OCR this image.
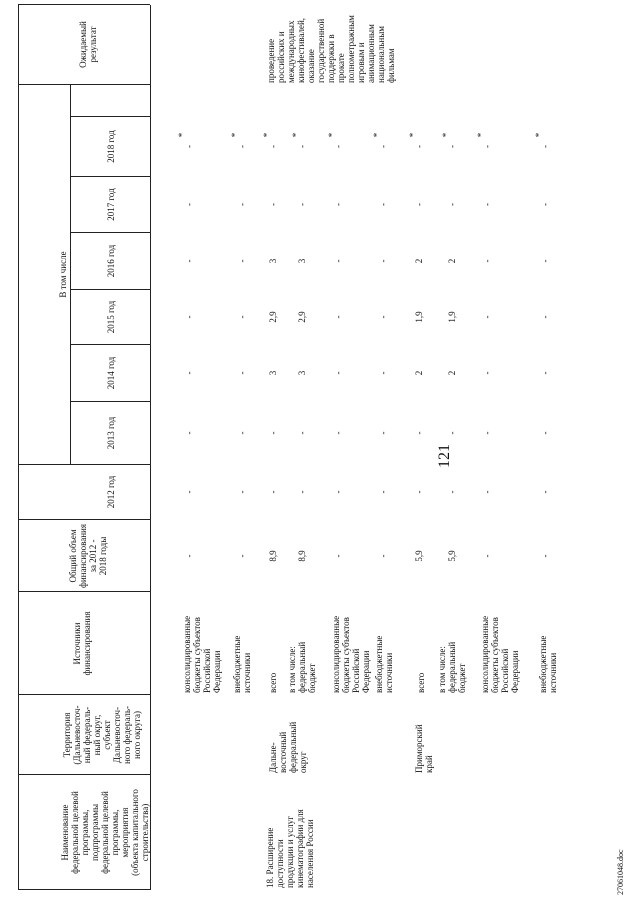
121
Наименование
федеральной целевой
программы,
подпрограммы
федеральной целевой
программы,
мероприятия
(объекта капитального
строительства)
Территория
(Дальневосточ-
ный федераль-
ный округ,
субъект
Дальневосточ-
ного федераль-
ного округа)
Источники
финансирования
Общий объем
финансирования
за 2012 -
2018 годы
2012 год
В том числе
2013 год
2014 год
2015 год
2016 год
2017 год
2018 год
Ожидаемый
результат
консолидированные
бюджеты субъектов
Российской
Федерации
-
-
-
-
-
-
-
-
*
внебюджетные
источники
-
-
-
-
-
-
-
-
*
18. Расширение
доступности
продукции и услуг
кинематографии для
населения России
проведение
российских и
международных
кинофестивалей,
оказание
государственной
поддержки в прокате
полнометражным
игровым и
анимационным
национальным
фильмам
Дальне-
восточный
федеральный
округ
всего
8,9
-
-
3
2,9
3
-
-
*
в том числе:
федеральный
бюджет
8,9
-
-
3
2,9
3
-
-
*
консолидированные
бюджеты субъектов
Российской
Федерации
-
-
-
-
-
-
-
-
*
внебюджетные
источники
-
-
-
-
-
-
-
-
*
Приморский
край
всего
5,9
-
-
2
1,9
2
-
-
*
в том числе:
федеральный
бюджет
5,9
-
-
2
1,9
2
-
-
*
консолидированные
бюджеты субъектов
Российской
Федерации
-
-
-
-
-
-
-
-
*
внебюджетные
источники
-
-
-
-
-
-
-
-
*
27061048.doc
